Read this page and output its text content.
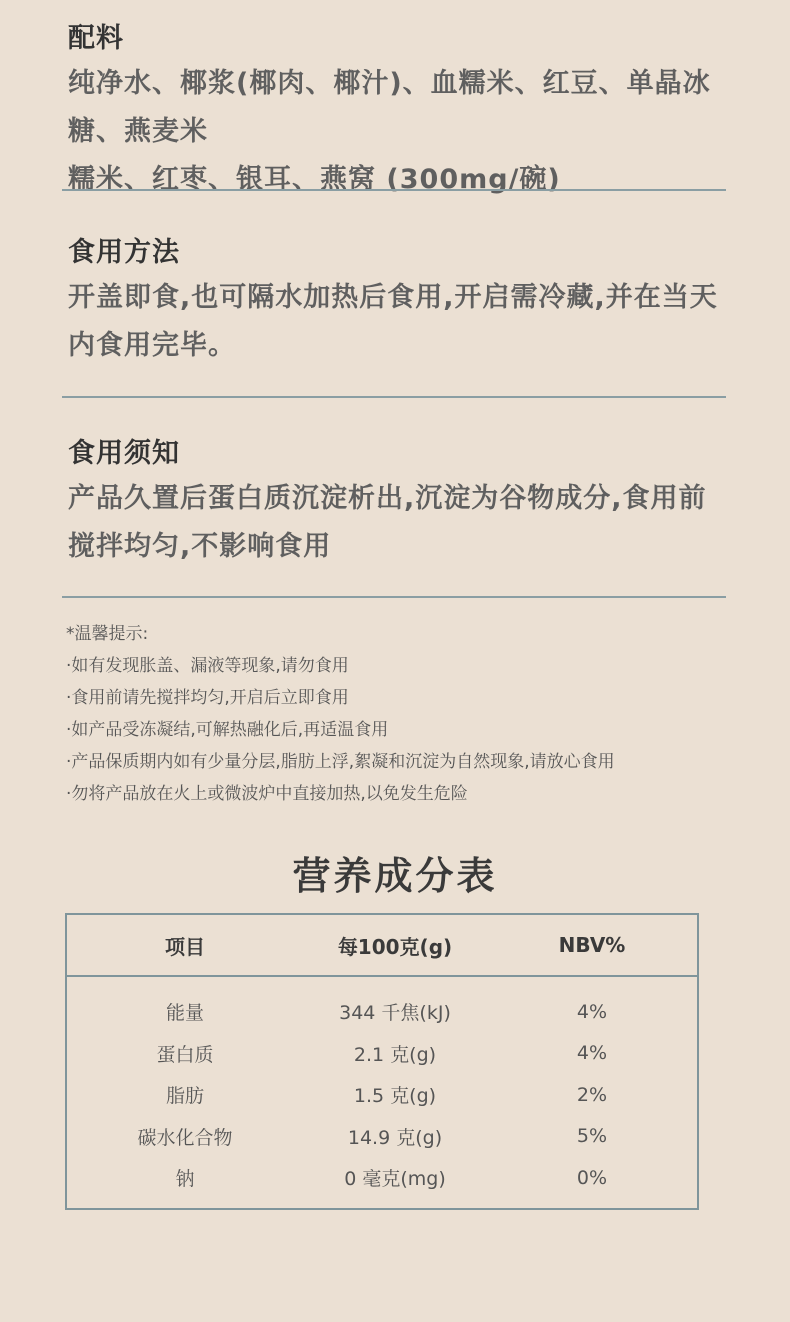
配料
纯净水、椰浆(椰肉、椰汁)、血糯米、红豆、单晶冰糖、燕麦米
糯米、红枣、银耳、燕窝 (300mg/碗)
食用方法
开盖即食,也可隔水加热后食用,开启需冷藏,并在当天
内食用完毕。
食用须知
产品久置后蛋白质沉淀析出,沉淀为谷物成分,食用前
搅拌均匀,不影响食用
*温馨提示:
·如有发现胀盖、漏液等现象,请勿食用
·食用前请先搅拌均匀,开启后立即食用
·如产品受冻凝结,可解热融化后,再适温食用
·产品保质期内如有少量分层,脂肪上浮,絮凝和沉淀为自然现象,请放心食用
·勿将产品放在火上或微波炉中直接加热,以免发生危险
营养成分表
项目	每100克(g)	NBV%
能量	344 千焦(kJ)	4%
蛋白质	2.1 克(g)	4%
脂肪	1.5 克(g)	2%
碳水化合物	14.9 克(g)	5%
钠	0 毫克(mg)	0%
